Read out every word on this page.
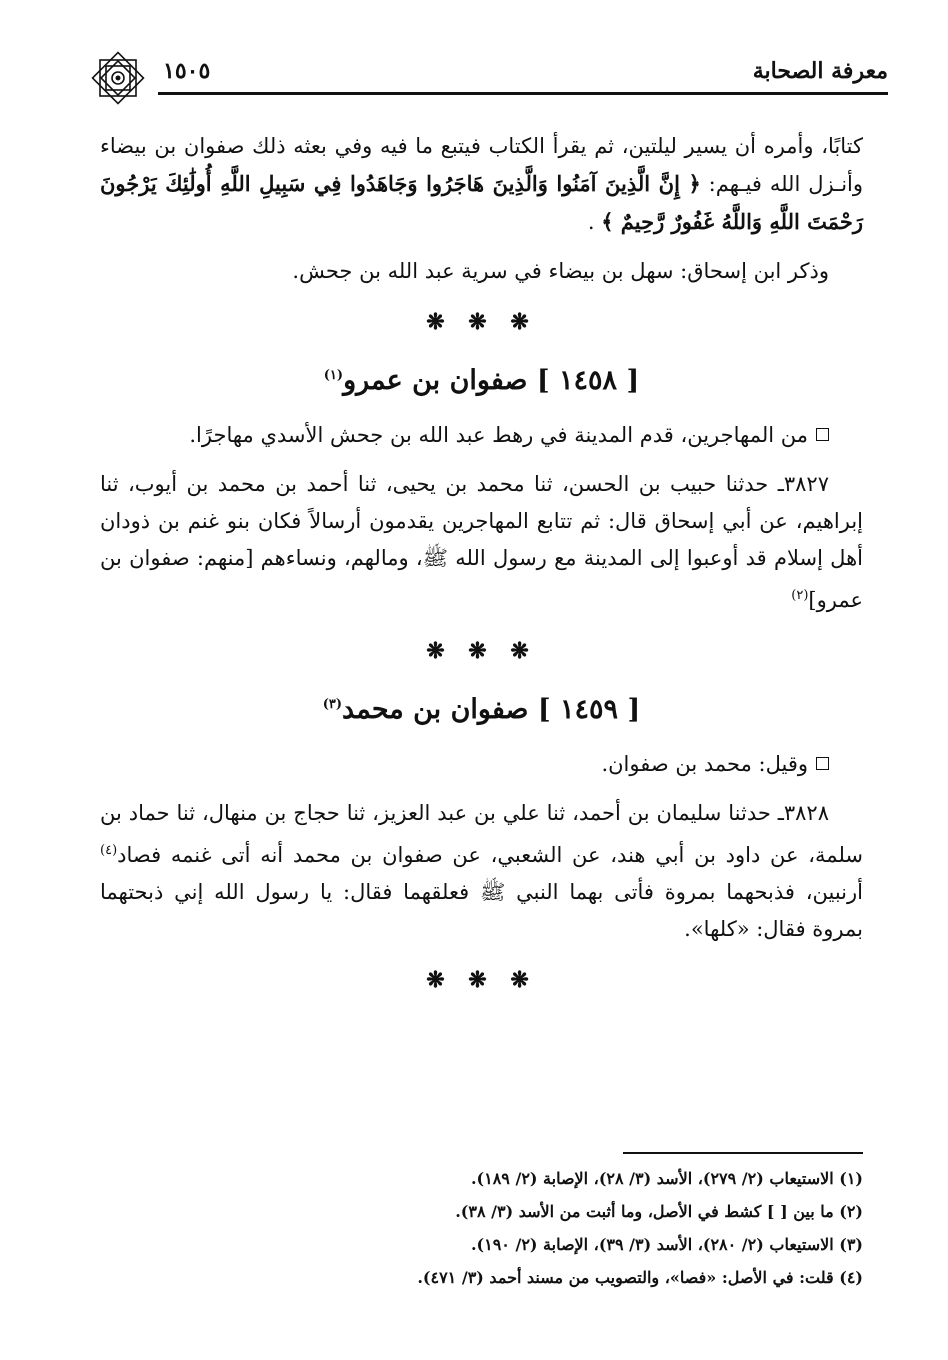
معرفة الصحابة
١٥٠٥

كتابًا، وأمره أن يسير ليلتين، ثم يقرأ الكتاب فيتبع ما فيه وفي بعثه ذلك صفوان بن بيضاء وأنـزل الله فيـهم: ﴿ إِنَّ الَّذِينَ آمَنُوا وَالَّذِينَ هَاجَرُوا وَجَاهَدُوا فِي سَبِيلِ اللَّهِ أُولَٰئِكَ يَرْجُونَ رَحْمَتَ اللَّهِ وَاللَّهُ غَفُورٌ رَّحِيمٌ ﴾ .

وذكر ابن إسحاق: سهل بن بيضاء في سرية عبد الله بن جحش.

❋ ❋ ❋
[ ١٤٥٨ ] صفوان بن عمرو$^{(١)}$

من المهاجرين، قدم المدينة في رهط عبد الله بن جحش الأسدي مهاجرًا.

٣٨٢٧ـ حدثنا حبيب بن الحسن، ثنا محمد بن يحيى، ثنا أحمد بن محمد بن أيوب، ثنا إبراهيم، عن أبي إسحاق قال: ثم تتابع المهاجرين يقدمون أرسالاً فكان بنو غنم بن ذودان أهل إسلام قد أوعبوا إلى المدينة مع رسول الله ﷺ، ومالهم، ونساءهم [منهم: صفوان بن عمرو]$^{(٢)}$

❋ ❋ ❋
[ ١٤٥٩ ] صفوان بن محمد$^{(٣)}$

وقيل: محمد بن صفوان.

٣٨٢٨ـ حدثنا سليمان بن أحمد، ثنا علي بن عبد العزيز، ثنا حجاج بن منهال، ثنا حماد بن سلمة، عن داود بن أبي هند، عن الشعبي، عن صفوان بن محمد أنه أتى غنمه فصاد$^{(٤)}$ أرنبين، فذبحهما بمروة فأتى بهما النبي ﷺ فعلقهما فقال: يا رسول الله إني ذبحتهما بمروة فقال: «كلها».

❋ ❋ ❋

(١) الاستيعاب (٢/ ٢٧٩)، الأسد (٣/ ٢٨)، الإصابة (٢/ ١٨٩).

(٢) ما بين [ ] كشط في الأصل، وما أثبت من الأسد (٣/ ٣٨).

(٣) الاستيعاب (٢/ ٢٨٠)، الأسد (٣/ ٣٩)، الإصابة (٢/ ١٩٠).

(٤) قلت: في الأصل: «فصا»، والتصويب من مسند أحمد (٣/ ٤٧١).
